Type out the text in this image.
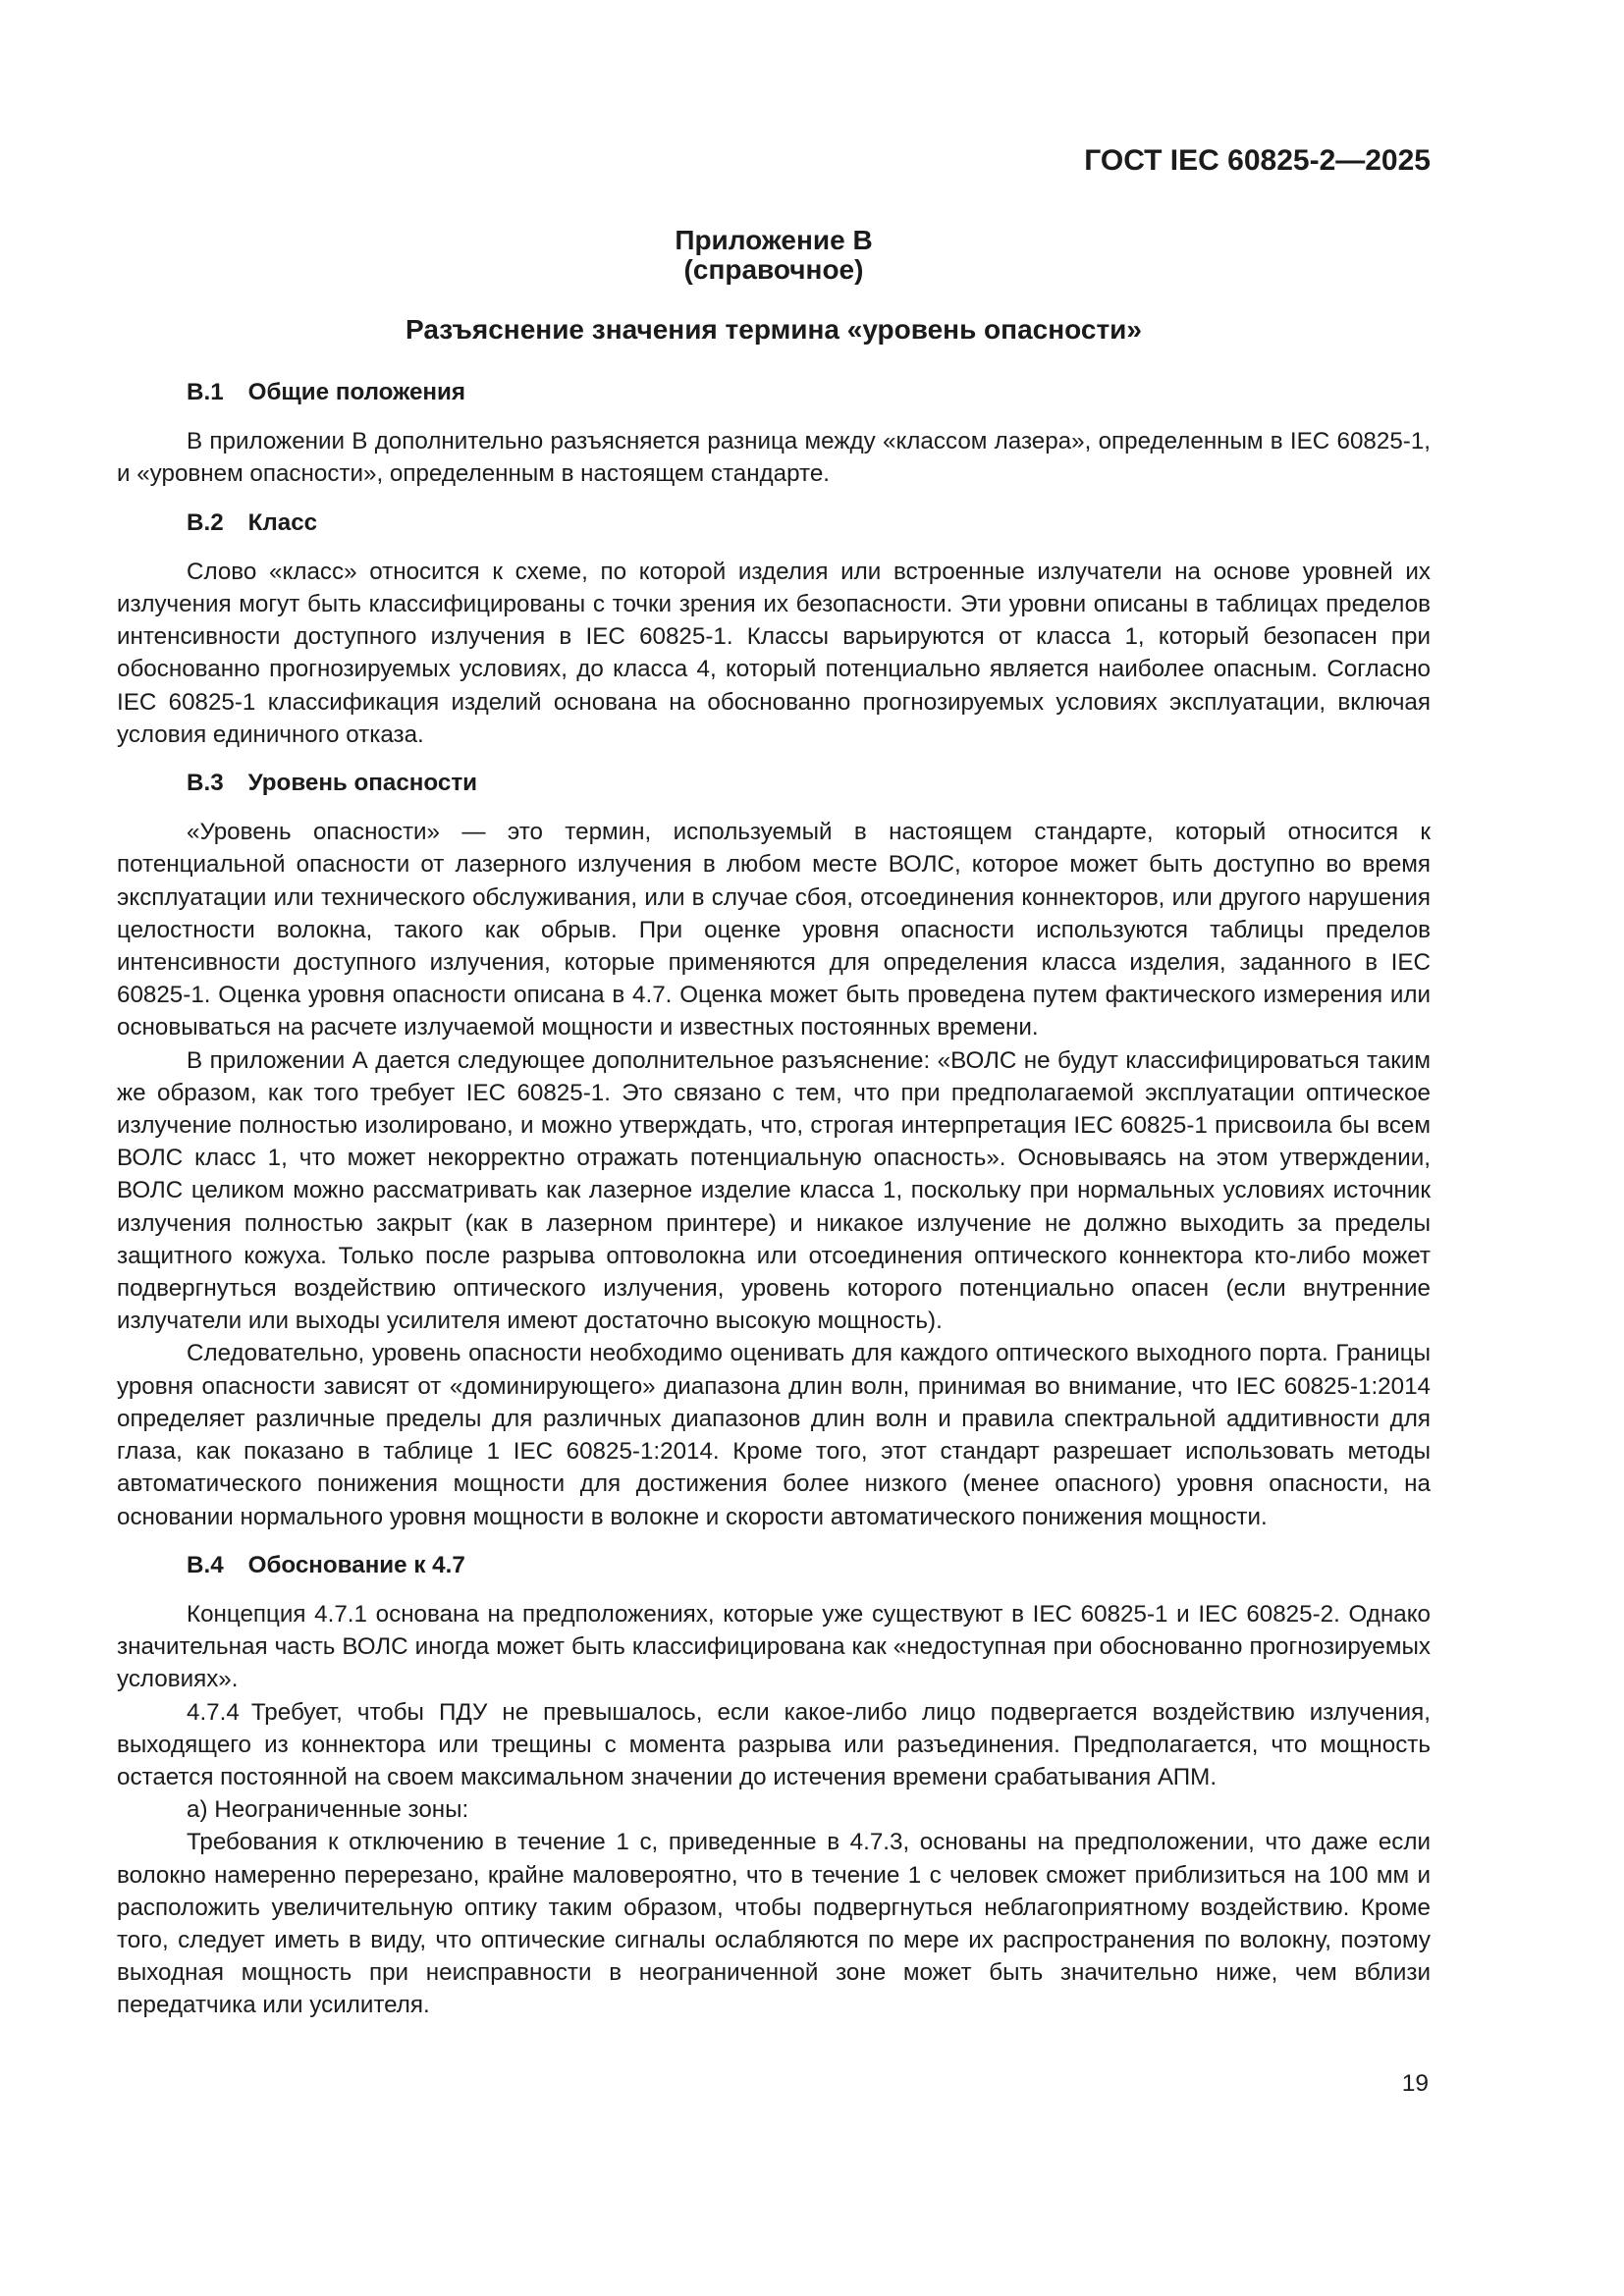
ГОСТ IEC 60825-2—2025
Приложение В
(справочное)
Разъяснение значения термина «уровень опасности»
В.1 Общие положения

В приложении В дополнительно разъясняется разница между «классом лазера», определенным в IEC 60825-1, и «уровнем опасности», определенным в настоящем стандарте.

В.2 Класс

Слово «класс» относится к схеме, по которой изделия или встроенные излучатели на основе уровней их излучения могут быть классифицированы с точки зрения их безопасности. Эти уровни описаны в таблицах пределов интенсивности доступного излучения в IEC 60825-1. Классы варьируются от класса 1, который безопасен при обоснованно прогнозируемых условиях, до класса 4, который потенциально является наиболее опасным. Согласно IEC 60825-1 классификация изделий основана на обоснованно прогнозируемых условиях эксплуатации, включая условия единичного отказа.

В.3 Уровень опасности

«Уровень опасности» — это термин, используемый в настоящем стандарте, который относится к потенциальной опасности от лазерного излучения в любом месте ВОЛС, которое может быть доступно во время эксплуатации или технического обслуживания, или в случае сбоя, отсоединения коннекторов, или другого нарушения целостности волокна, такого как обрыв. При оценке уровня опасности используются таблицы пределов интенсивности доступного излучения, которые применяются для определения класса изделия, заданного в IEC 60825-1. Оценка уровня опасности описана в 4.7. Оценка может быть проведена путем фактического измерения или основываться на расчете излучаемой мощности и известных постоянных времени.

В приложении А дается следующее дополнительное разъяснение: «ВОЛС не будут классифицироваться таким же образом, как того требует IEC 60825-1. Это связано с тем, что при предполагаемой эксплуатации оптическое излучение полностью изолировано, и можно утверждать, что, строгая интерпретация IEC 60825-1 присвоила бы всем ВОЛС класс 1, что может некорректно отражать потенциальную опасность». Основываясь на этом утверждении, ВОЛС целиком можно рассматривать как лазерное изделие класса 1, поскольку при нормальных условиях источник излучения полностью закрыт (как в лазерном принтере) и никакое излучение не должно выходить за пределы защитного кожуха. Только после разрыва оптоволокна или отсоединения оптического коннектора кто-либо может подвергнуться воздействию оптического излучения, уровень которого потенциально опасен (если внутренние излучатели или выходы усилителя имеют достаточно высокую мощность).

Следовательно, уровень опасности необходимо оценивать для каждого оптического выходного порта. Границы уровня опасности зависят от «доминирующего» диапазона длин волн, принимая во внимание, что IEC 60825-1:2014 определяет различные пределы для различных диапазонов длин волн и правила спектральной аддитивности для глаза, как показано в таблице 1 IEC 60825-1:2014. Кроме того, этот стандарт разрешает использовать методы автоматического понижения мощности для достижения более низкого (менее опасного) уровня опасности, на основании нормального уровня мощности в волокне и скорости автоматического понижения мощности.

В.4 Обоснование к 4.7

Концепция 4.7.1 основана на предположениях, которые уже существуют в IEC 60825-1 и IEC 60825-2. Однако значительная часть ВОЛС иногда может быть классифицирована как «недоступная при обоснованно прогнозируемых условиях».

4.7.4 Требует, чтобы ПДУ не превышалось, если какое-либо лицо подвергается воздействию излучения, выходящего из коннектора или трещины с момента разрыва или разъединения. Предполагается, что мощность остается постоянной на своем максимальном значении до истечения времени срабатывания АПМ.

а) Неограниченные зоны:

Требования к отключению в течение 1 с, приведенные в 4.7.3, основаны на предположении, что даже если волокно намеренно перерезано, крайне маловероятно, что в течение 1 с человек сможет приблизиться на 100 мм и расположить увеличительную оптику таким образом, чтобы подвергнуться неблагоприятному воздействию. Кроме того, следует иметь в виду, что оптические сигналы ослабляются по мере их распространения по волокну, поэтому выходная мощность при неисправности в неограниченной зоне может быть значительно ниже, чем вблизи передатчика или усилителя.

19
